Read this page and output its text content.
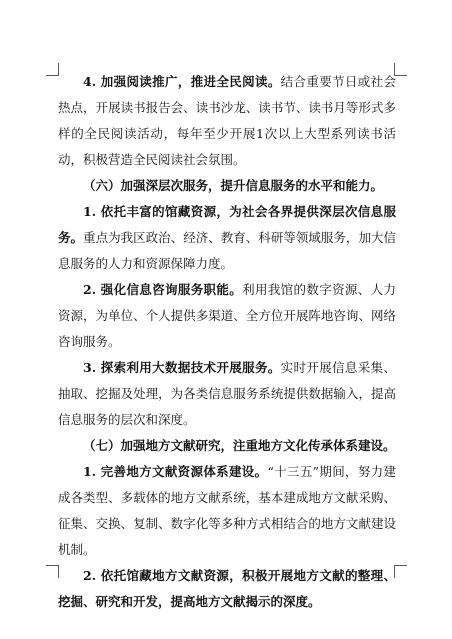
4. 加强阅读推广，推进全民阅读。结合重要节日或社会热点，开展读书报告会、读书沙龙、读书节、读书月等形式多样的全民阅读活动，每年至少开展1次以上大型系列读书活动，积极营造全民阅读社会氛围。

（六）加强深层次服务，提升信息服务的水平和能力。

1. 依托丰富的馆藏资源，为社会各界提供深层次信息服务。重点为我区政治、经济、教育、科研等领域服务，加大信息服务的人力和资源保障力度。

2. 强化信息咨询服务职能。利用我馆的数字资源、人力资源，为单位、个人提供多渠道、全方位开展阵地咨询、网络咨询服务。

3. 探索利用大数据技术开展服务。实时开展信息采集、抽取、挖掘及处理，为各类信息服务系统提供数据输入，提高信息服务的层次和深度。

（七）加强地方文献研究，注重地方文化传承体系建设。

1. 完善地方文献资源体系建设。“十三五”期间，努力建成各类型、多载体的地方文献系统，基本建成地方文献采购、征集、交换、复制、数字化等多种方式相结合的地方文献建设机制。

2. 依托馆藏地方文献资源，积极开展地方文献的整理、挖掘、研究和开发，提高地方文献揭示的深度。
